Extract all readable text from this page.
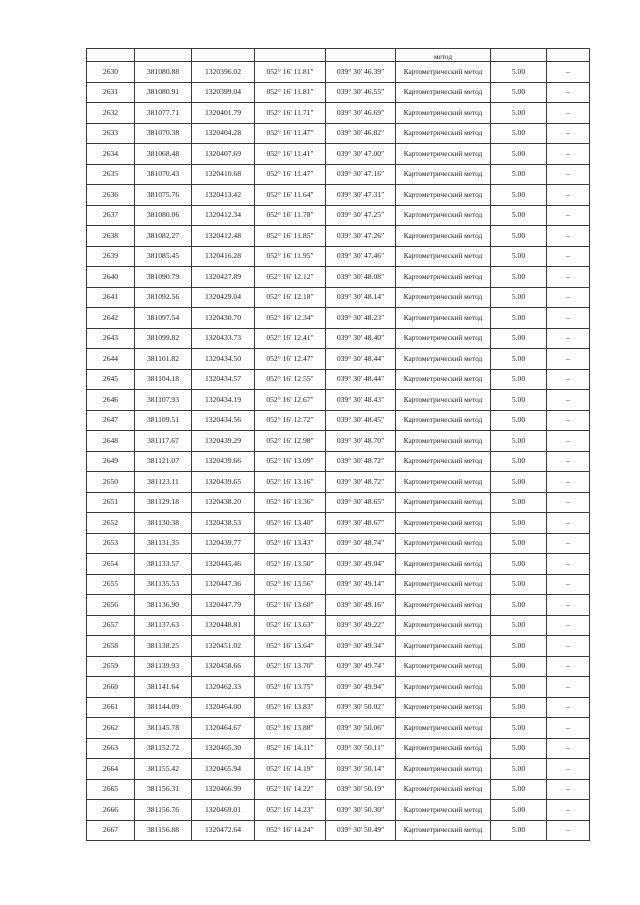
					метод		
2630	381080.88	1320396.02	052° 16' 11.81"	039° 30' 46.39"	Картометрический метод	5.00	–
2631	381080.91	1320399.04	052° 16' 11.81"	039° 30' 46.55"	Картометрический метод	5.00	–
2632	381077.71	1320401.79	052° 16' 11.71"	039° 30' 46.69"	Картометрический метод	5.00	–
2633	381070.38	1320404.28	052° 16' 11.47"	039° 30' 46.82"	Картометрический метод	5.00	–
2634	381068.48	1320407.69	052° 16' 11.41"	039° 30' 47.00"	Картометрический метод	5.00	–
2635	381070.43	1320410.68	052° 16' 11.47"	039° 30' 47.16"	Картометрический метод	5.00	–
2636	381075.76	1320413.42	052° 16' 11.64"	039° 30' 47.31"	Картометрический метод	5.00	–
2637	381080.06	1320412.34	052° 16' 11.78"	039° 30' 47.25"	Картометрический метод	5.00	–
2638	381082.27	1320412.48	052° 16' 11.85"	039° 30' 47.26"	Картометрический метод	5.00	–
2639	381085.45	1320416.28	052° 16' 11.95"	039° 30' 47.46"	Картометрический метод	5.00	–
2640	381090.79	1320427.89	052° 16' 12.12"	039° 30' 48.08"	Картометрический метод	5.00	–
2641	381092.56	1320429.04	052° 16' 12.18"	039° 30' 48.14"	Картометрический метод	5.00	–
2642	381097.54	1320430.70	052° 16' 12.34"	039° 30' 48.23"	Картометрический метод	5.00	–
2643	381099.82	1320433.73	052° 16' 12.41"	039° 30' 48.40"	Картометрический метод	5.00	–
2644	381101.82	1320434.50	052° 16' 12.47"	039° 30' 48.44"	Картометрический метод	5.00	–
2645	381104.18	1320434.57	052° 16' 12.55"	039° 30' 48.44"	Картометрический метод	5.00	–
2646	381107.93	1320434.19	052° 16' 12.67"	039° 30' 48.43"	Картометрический метод	5.00	–
2647	381109.51	1320434.56	052° 16' 12.72"	039° 30' 48.45"	Картометрический метод	5.00	–
2648	381117.67	1320439.29	052° 16' 12.98"	039° 30' 48.70"	Картометрический метод	5.00	–
2649	381121.07	1320439.66	052° 16' 13.09"	039° 30' 48.72"	Картометрический метод	5.00	–
2650	381123.11	1320439.65	052° 16' 13.16"	039° 30' 48.72"	Картометрический метод	5.00	–
2651	381129.18	1320438.20	052° 16' 13.36"	039° 30' 48.65"	Картометрический метод	5.00	–
2652	381130.38	1320438.53	052° 16' 13.40"	039° 30' 48.67"	Картометрический метод	5.00	–
2653	381131.35	1320439.77	052° 16' 13.43"	039° 30' 48.74"	Картометрический метод	5.00	–
2654	381133.57	1320445.46	052° 16' 13.50"	039° 30' 49.04"	Картометрический метод	5.00	–
2655	381135.53	1320447.36	052° 16' 13.56"	039° 30' 49.14"	Картометрический метод	5.00	–
2656	381136.90	1320447.79	052° 16' 13.60"	039° 30' 49.16"	Картометрический метод	5.00	–
2657	381137.63	1320448.81	052° 16' 13.63"	039° 30' 49.22"	Картометрический метод	5.00	–
2658	381138.25	1320451.02	052° 16' 13.64"	039° 30' 49.34"	Картометрический метод	5.00	–
2659	381139.93	1320458.66	052° 16' 13.70"	039° 30' 49.74"	Картометрический метод	5.00	–
2660	381141.64	1320462.33	052° 16' 13.75"	039° 30' 49.94"	Картометрический метод	5.00	–
2661	381144.09	1320464.00	052° 16' 13.83"	039° 30' 50.02"	Картометрический метод	5.00	–
2662	381145.78	1320464.67	052° 16' 13.88"	039° 30' 50.06"	Картометрический метод	5.00	–
2663	381152.72	1320465.30	052° 16' 14.11"	039° 30' 50.11"	Картометрический метод	5.00	–
2664	381155.42	1320465.94	052° 16' 14.19"	039° 30' 50.14"	Картометрический метод	5.00	–
2665	381156.31	1320466.99	052° 16' 14.22"	039° 30' 50.19"	Картометрический метод	5.00	–
2666	381156.76	1320469.01	052° 16' 14.23"	039° 30' 50.30"	Картометрический метод	5.00	–
2667	381156.88	1320472.64	052° 16' 14.24"	039° 30' 50.49"	Картометрический метод	5.00	–
